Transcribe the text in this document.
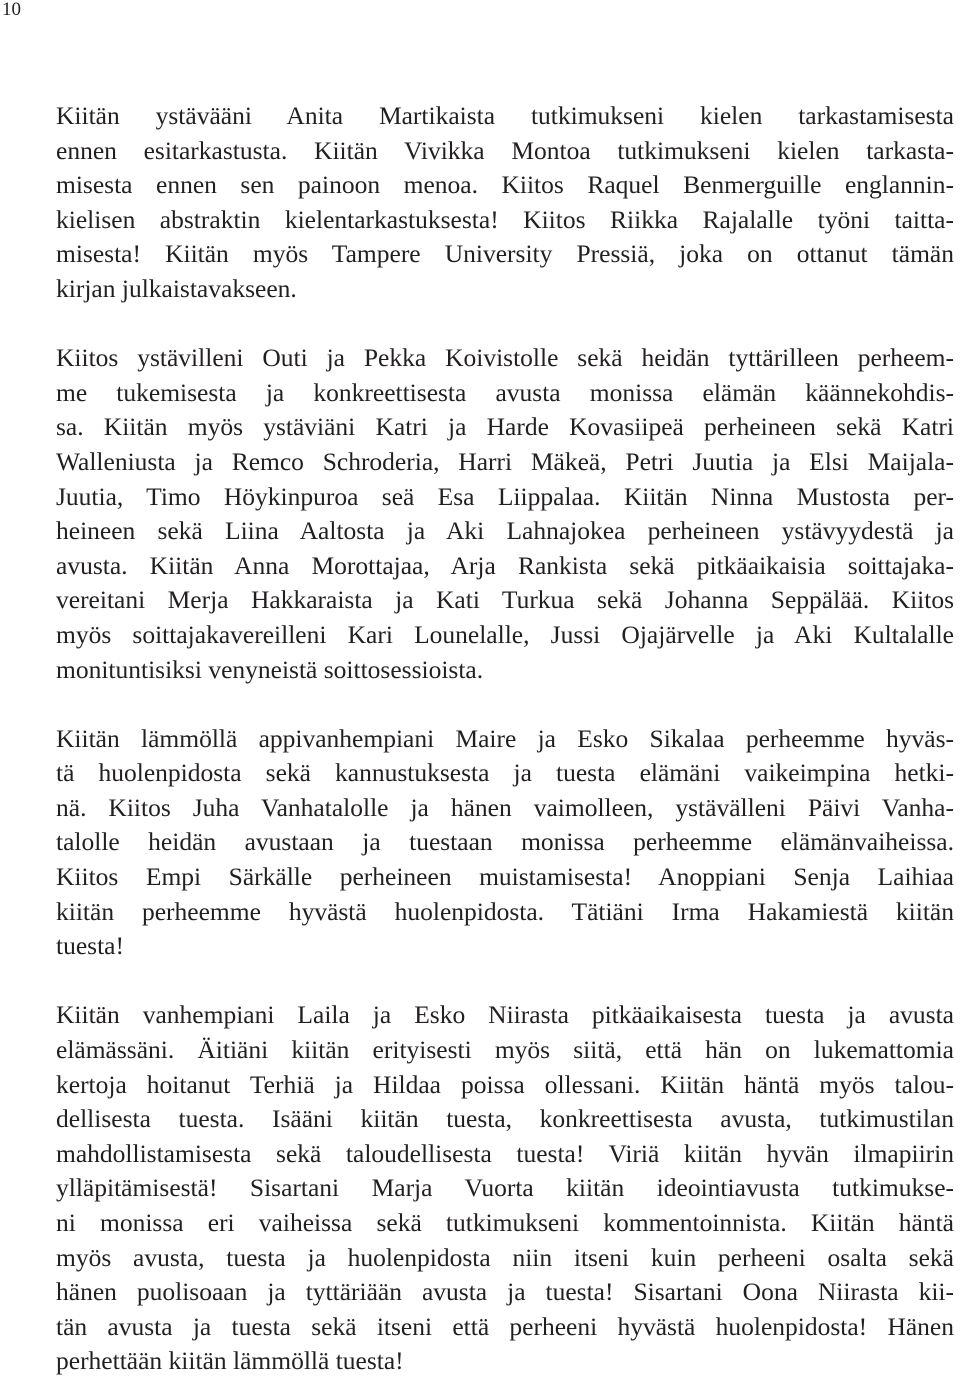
10

Kiitän ystävääni Anita Martikaista tutkimukseni kielen tarkastamisesta
ennen esitarkastusta. Kiitän Vivikka Montoa tutkimukseni kielen tarkasta-
misesta ennen sen painoon menoa. Kiitos Raquel Benmerguille englannin-
kielisen abstraktin kielentarkastuksesta! Kiitos Riikka Rajalalle työni taitta-
misesta! Kiitän myös Tampere University Pressiä, joka on ottanut tämän
kirjan julkaistavakseen.

Kiitos ystävilleni Outi ja Pekka Koivistolle sekä heidän tyttärilleen perheem-
me tukemisesta ja konkreettisesta avusta monissa elämän käännekohdis-
sa. Kiitän myös ystäviäni Katri ja Harde Kovasiipeä perheineen sekä Katri
Walleniusta ja Remco Schroderia, Harri Mäkeä, Petri Juutia ja Elsi Maijala-
Juutia, Timo Höykinpuroa seä Esa Liippalaa. Kiitän Ninna Mustosta per-
heineen sekä Liina Aaltosta ja Aki Lahnajokea perheineen ystävyydestä ja
avusta. Kiitän Anna Morottajaa, Arja Rankista sekä pitkäaikaisia soittajaka-
vereitani Merja Hakkaraista ja Kati Turkua sekä Johanna Seppälää. Kiitos
myös soittajakavereilleni Kari Lounelalle, Jussi Ojajärvelle ja Aki Kultalalle
monituntisiksi venyneistä soittosessioista.

Kiitän lämmöllä appivanhempiani Maire ja Esko Sikalaa perheemme hyväs-
tä huolenpidosta sekä kannustuksesta ja tuesta elämäni vaikeimpina hetki-
nä. Kiitos Juha Vanhatalolle ja hänen vaimolleen, ystävälleni Päivi Vanha-
talolle heidän avustaan ja tuestaan monissa perheemme elämänvaiheissa.
Kiitos Empi Särkälle perheineen muistamisesta! Anoppiani Senja Laihiaa
kiitän perheemme hyvästä huolenpidosta. Tätiäni Irma Hakamiestä kiitän
tuesta!

Kiitän vanhempiani Laila ja Esko Niirasta pitkäaikaisesta tuesta ja avusta
elämässäni. Äitiäni kiitän erityisesti myös siitä, että hän on lukemattomia
kertoja hoitanut Terhiä ja Hildaa poissa ollessani. Kiitän häntä myös talou-
dellisesta tuesta. Isääni kiitän tuesta, konkreettisesta avusta, tutkimustilan
mahdollistamisesta sekä taloudellisesta tuesta! Viriä kiitän hyvän ilmapiirin
ylläpitämisestä! Sisartani Marja Vuorta kiitän ideointiavusta tutkimukse-
ni monissa eri vaiheissa sekä tutkimukseni kommentoinnista. Kiitän häntä
myös avusta, tuesta ja huolenpidosta niin itseni kuin perheeni osalta sekä
hänen puolisoaan ja tyttäriään avusta ja tuesta! Sisartani Oona Niirasta kii-
tän avusta ja tuesta sekä itseni että perheeni hyvästä huolenpidosta! Hänen
perhettään kiitän lämmöllä tuesta!
